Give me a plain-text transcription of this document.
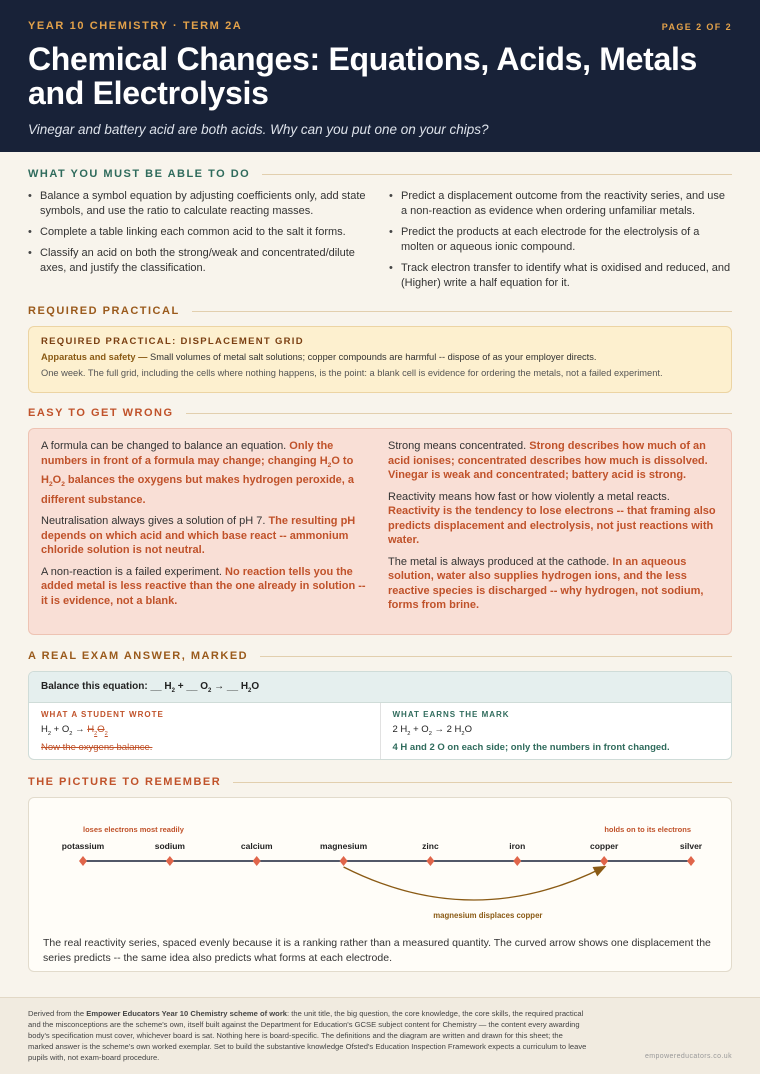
YEAR 10 CHEMISTRY · TERM 2A	PAGE 2 OF 2
Chemical Changes: Equations, Acids, Metals and Electrolysis
Vinegar and battery acid are both acids. Why can you put one on your chips?
WHAT YOU MUST BE ABLE TO DO
• Balance a symbol equation by adjusting coefficients only, add state symbols, and use the ratio to calculate reacting masses.
• Complete a table linking each common acid to the salt it forms.
• Classify an acid on both the strong/weak and concentrated/dilute axes, and justify the classification.
• Predict a displacement outcome from the reactivity series, and use a non-reaction as evidence when ordering unfamiliar metals.
• Predict the products at each electrode for the electrolysis of a molten or aqueous ionic compound.
• Track electron transfer to identify what is oxidised and reduced, and (Higher) write a half equation for it.
REQUIRED PRACTICAL
REQUIRED PRACTICAL: DISPLACEMENT GRID
Apparatus and safety — Small volumes of metal salt solutions; copper compounds are harmful -- dispose of as your employer directs.
One week. The full grid, including the cells where nothing happens, is the point: a blank cell is evidence for ordering the metals, not a failed experiment.
EASY TO GET WRONG
A formula can be changed to balance an equation. Only the numbers in front of a formula may change; changing $H_2O$ to $H_2O_2$ balances the oxygens but makes hydrogen peroxide, a different substance.
Neutralisation always gives a solution of pH 7. The resulting pH depends on which acid and which base react -- ammonium chloride solution is not neutral.
A non-reaction is a failed experiment. No reaction tells you the added metal is less reactive than the one already in solution -- it is evidence, not a blank.
Strong means concentrated. Strong describes how much of an acid ionises; concentrated describes how much is dissolved. Vinegar is weak and concentrated; battery acid is strong.
Reactivity means how fast or how violently a metal reacts. Reactivity is the tendency to lose electrons -- that framing also predicts displacement and electrolysis, not just reactions with water.
The metal is always produced at the cathode. In an aqueous solution, water also supplies hydrogen ions, and the less reactive species is discharged -- why hydrogen, not sodium, forms from brine.
A REAL EXAM ANSWER, MARKED
Balance this equation: __ $H_2$ + __ $O_2$ → __ $H_2O$
WHAT A STUDENT WROTE
$H_2 + O_2 \to H_2O_2$
Now the oxygens balance.
WHAT EARNS THE MARK
2 $H_2 + O_2 \to 2$ $H_2O$
4 H and 2 O on each side; only the numbers in front changed.
THE PICTURE TO REMEMBER
potassium	sodium	calcium	magnesium	zinc	iron	copper	silver
loses electrons most readily	holds on to its electrons
magnesium displaces copper
The real reactivity series, spaced evenly because it is a ranking rather than a measured quantity. The curved arrow shows one displacement the series predicts -- the same idea also predicts what forms at each electrode.

Derived from the Empower Educators Year 10 Chemistry scheme of work: the unit title, the big question, the core knowledge, the core skills, the required practical and the misconceptions are the scheme's own, itself built against the Department for Education's GCSE subject content for Chemistry — the content every awarding body's specification must cover, whichever board is sat. Nothing here is board-specific. The definitions and the diagram are written and drawn for this sheet; the marked answer is the scheme's own worked exemplar. Set to build the substantive knowledge Ofsted's Education Inspection Framework expects a curriculum to leave pupils with, not exam-board procedure.	empowereducators.co.uk
